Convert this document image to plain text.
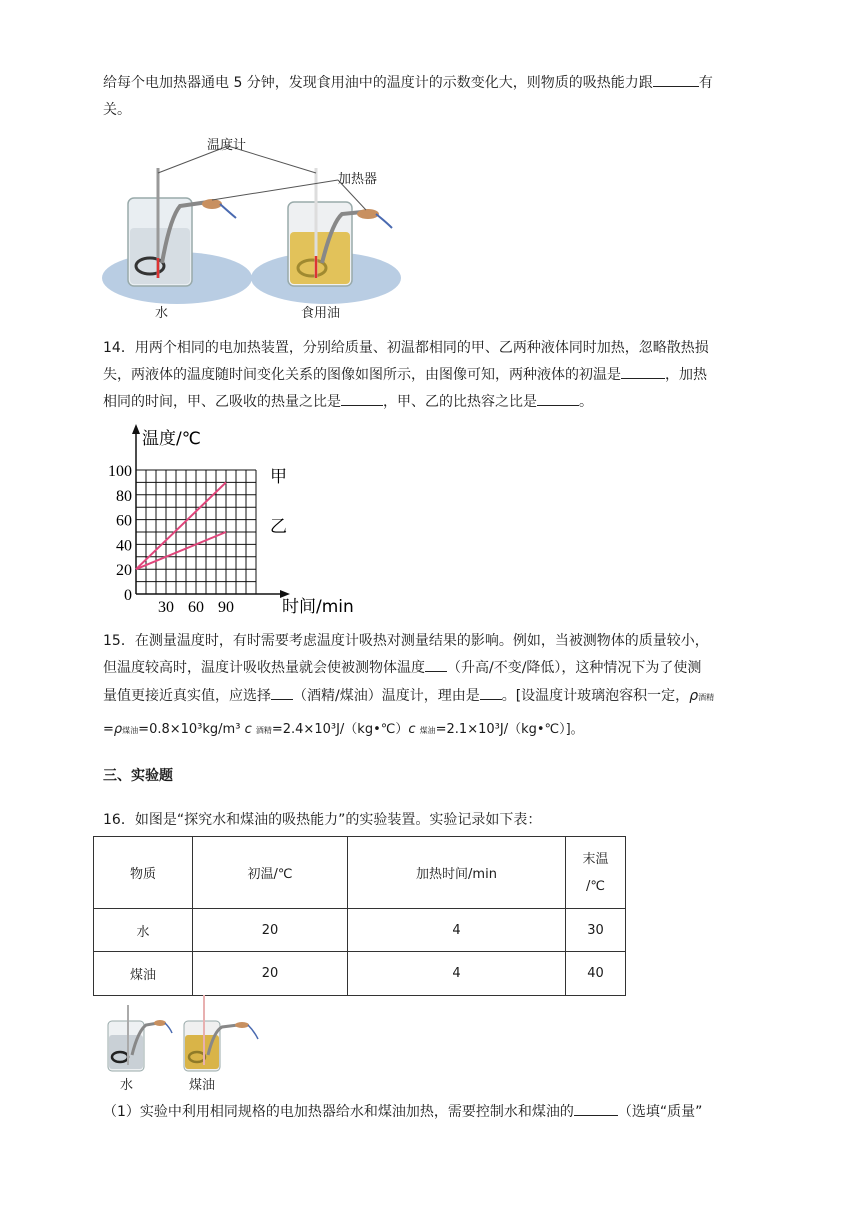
给每个电加热器通电 5 分钟，发现食用油中的温度计的示数变化大，则物质的吸热能力跟	有
关。
温度计
加热器
水	食用油
14．用两个相同的电加热装置，分别给质量、初温都相同的甲、乙两种液体同时加热，忽略散热损
失，两液体的温度随时间变化关系的图像如图所示，由图像可知，两种液体的初温是	，加热
相同的时间，甲、乙吸收的热量之比是	，甲、乙的比热容之比是	。
0
20
40
60
80
100
30 60 90
温度/℃
时间/min
甲
乙
15．在测量温度时，有时需要考虑温度计吸热对测量结果的影响。例如，当被测物体的质量较小，
但温度较高时，温度计吸收热量就会使被测物体温度 （升高/不变/降低），这种情况下为了使测
量值更接近真实值，应选择 （酒精/煤油）温度计，理由是 。[设温度计玻璃泡容积一定，ρ酒精
=ρ煤油=0.8×10³kg/m³ c 酒精=2.4×10³J/（kg•℃）c 煤油=2.1×10³J/（kg•℃）]。
三、实验题
16．如图是“探究水和煤油的吸热能力”的实验装置。实验记录如下表：
物质	初温/℃	加热时间/min	末温
/℃
水	20	4	30
煤油	20	4	40
水	煤油
（1）实验中利用相同规格的电加热器给水和煤油加热，需要控制水和煤油的	（选填“质量”
